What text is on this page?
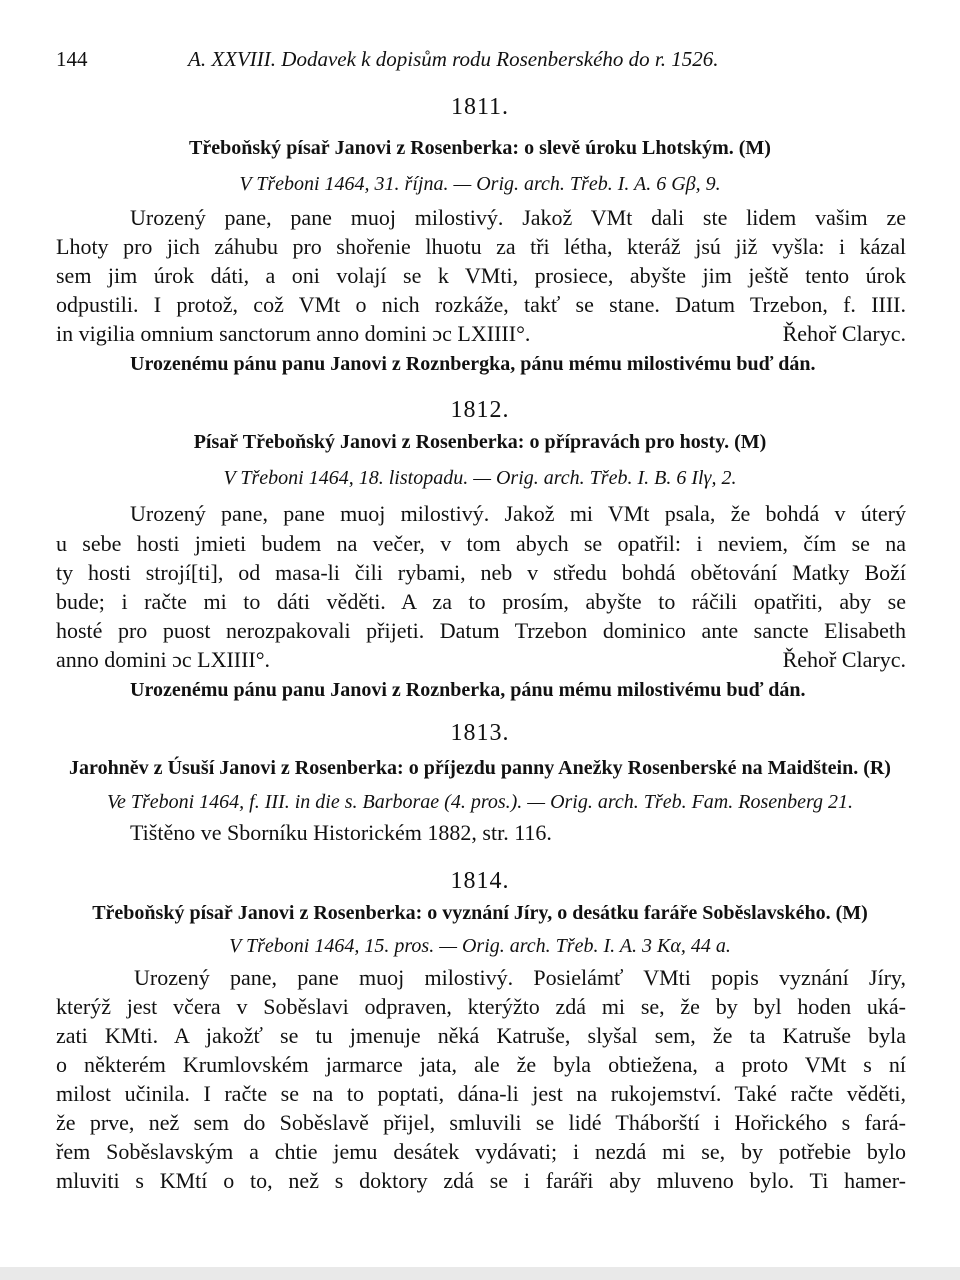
144	A. XXVIII. Dodavek k dopisům rodu Rosenberského do r. 1526.
1811.
Třeboňský písař Janovi z Rosenberka: o slevě úroku Lhotským. (M)
V Třeboni 1464, 31. října. — Orig. arch. Třeb. I. A. 6 Gβ, 9.
Urozený pane, pane muoj milostivý. Jakož VMt dali ste lidem vašim ze
Lhoty pro jich záhubu pro shořenie lhuotu za tři létha, kteráž jsú již vyšla: i kázal
sem jim úrok dáti, a oni volají se k VMti, prosiece, abyšte jim ještě tento úrok
odpustili. I protož, což VMt o nich rozkáže, takť se stane. Datum Trzebon, f. IIII.
in vigilia omnium sanctorum anno domini ɔc LXIIII°.	Řehoř Claryc.
Urozenému pánu panu Janovi z Roznbergka, pánu mému milostivému buď dán.
1812.
Písař Třeboňský Janovi z Rosenberka: o přípravách pro hosty. (M)
V Třeboni 1464, 18. listopadu. — Orig. arch. Třeb. I. B. 6 Ilγ, 2.
Urozený pane, pane muoj milostivý. Jakož mi VMt psala, že bohdá v úterý
u sebe hosti jmieti budem na večer, v tom abych se opatřil: i neviem, čím se na
ty hosti strojí[ti], od masa-li čili rybami, neb v středu bohdá obětování Matky Boží
bude; i račte mi to dáti věděti. A za to prosím, abyšte to ráčili opatřiti, aby se
hosté pro puost nerozpakovali přijeti. Datum Trzebon dominico ante sancte Elisabeth
anno domini ɔc LXIIII°.	Řehoř Claryc.
Urozenému pánu panu Janovi z Roznberka, pánu mému milostivému buď dán.
1813.
Jarohněv z Úsuší Janovi z Rosenberka: o příjezdu panny Anežky Rosenberské na Maidštein. (R)
Ve Třeboni 1464, f. III. in die s. Barborae (4. pros.). — Orig. arch. Třeb. Fam. Rosenberg 21.
Tištěno ve Sborníku Historickém 1882, str. 116.
1814.
Třeboňský písař Janovi z Rosenberka: o vyznání Jíry, o desátku faráře Soběslavského. (M)
V Třeboni 1464, 15. pros. — Orig. arch. Třeb. I. A. 3 Kα, 44 a.
Urozený pane, pane muoj milostivý. Posielámť VMti popis vyznání Jíry,
kterýž jest včera v Soběslavi odpraven, kterýžto zdá mi se, že by byl hoden uká-
zati KMti. A jakožť se tu jmenuje něká Katruše, slyšal sem, že ta Katruše byla
o některém Krumlovském jarmarce jata, ale že byla obtiežena, a proto VMt s ní
milost učinila. I račte se na to poptati, dána-li jest na rukojemství. Také račte věděti,
že prve, než sem do Soběslavě přijel, smluvili se lidé Tháborští i Hořického s fará-
řem Soběslavským a chtie jemu desátek vydávati; i nezdá mi se, by potřebie bylo
mluviti s KMtí o to, než s doktory zdá se i faráři aby mluveno bylo. Ti hamer-
